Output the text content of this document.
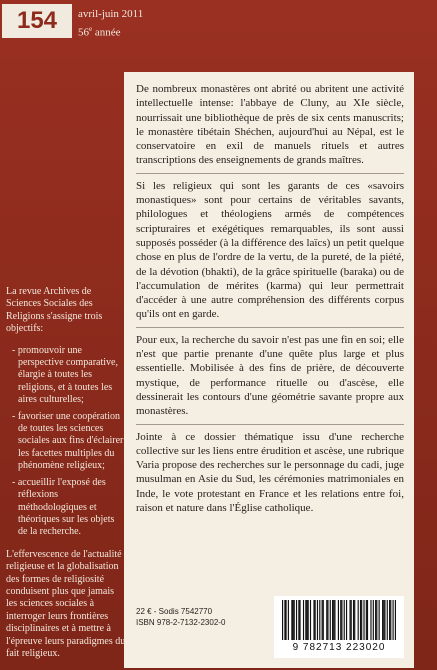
154	avril-juin 2011
56e année

De nombreux monastères ont abrité ou abritent une activité intellectuelle intense: l'abbaye de Cluny, au XIe siècle, nourrissait une bibliothèque de près de six cents manuscrits; le monastère tibétain Shéchen, aujourd'hui au Népal, est le conservatoire en exil de manuels rituels et autres transcriptions des enseignements de grands maîtres.

Si les religieux qui sont les garants de ces «savoirs monastiques» sont pour certains de véritables savants, philologues et théologiens armés de compétences scripturaires et exégétiques remarquables, ils sont aussi supposés posséder (à la différence des laïcs) un petit quelque chose en plus de l'ordre de la vertu, de la pureté, de la piété, de la dévotion (bhakti), de la grâce spirituelle (baraka) ou de l'accumulation de mérites (karma) qui leur permettrait d'accéder à une autre compréhension des différents corpus qu'ils ont en garde.

Pour eux, la recherche du savoir n'est pas une fin en soi; elle n'est que partie prenante d'une quête plus large et plus essentielle. Mobilisée à des fins de prière, de découverte mystique, de performance rituelle ou d'ascèse, elle dessinerait les contours d'une géométrie savante propre aux monastères.

Jointe à ce dossier thématique issu d'une recherche collective sur les liens entre érudition et ascèse, une rubrique Varia propose des recherches sur le personnage du cadi, juge musulman en Asie du Sud, les cérémonies matrimoniales en Inde, le vote protestant en France et les relations entre foi, raison et nature dans l'Église catholique.

La revue Archives de Sciences Sociales des Religions s'assigne trois objectifs:

- promouvoir une perspective comparative, élargie à toutes les religions, et à toutes les aires culturelles;
- favoriser une coopération de toutes les sciences sociales aux fins d'éclairer les facettes multiples du phénomène religieux;
- accueillir l'exposé des réflexions méthodologiques et théoriques sur les objets de la recherche.

L'effervescence de l'actualité religieuse et la globalisation des formes de religiosité conduisent plus que jamais les sciences sociales à interroger leurs frontières disciplinaires et à mettre à l'épreuve leurs paradigmes du fait religieux.

22 € - Sodis 7542770
ISBN 978-2-7132-2302-0
9 782713 223020
